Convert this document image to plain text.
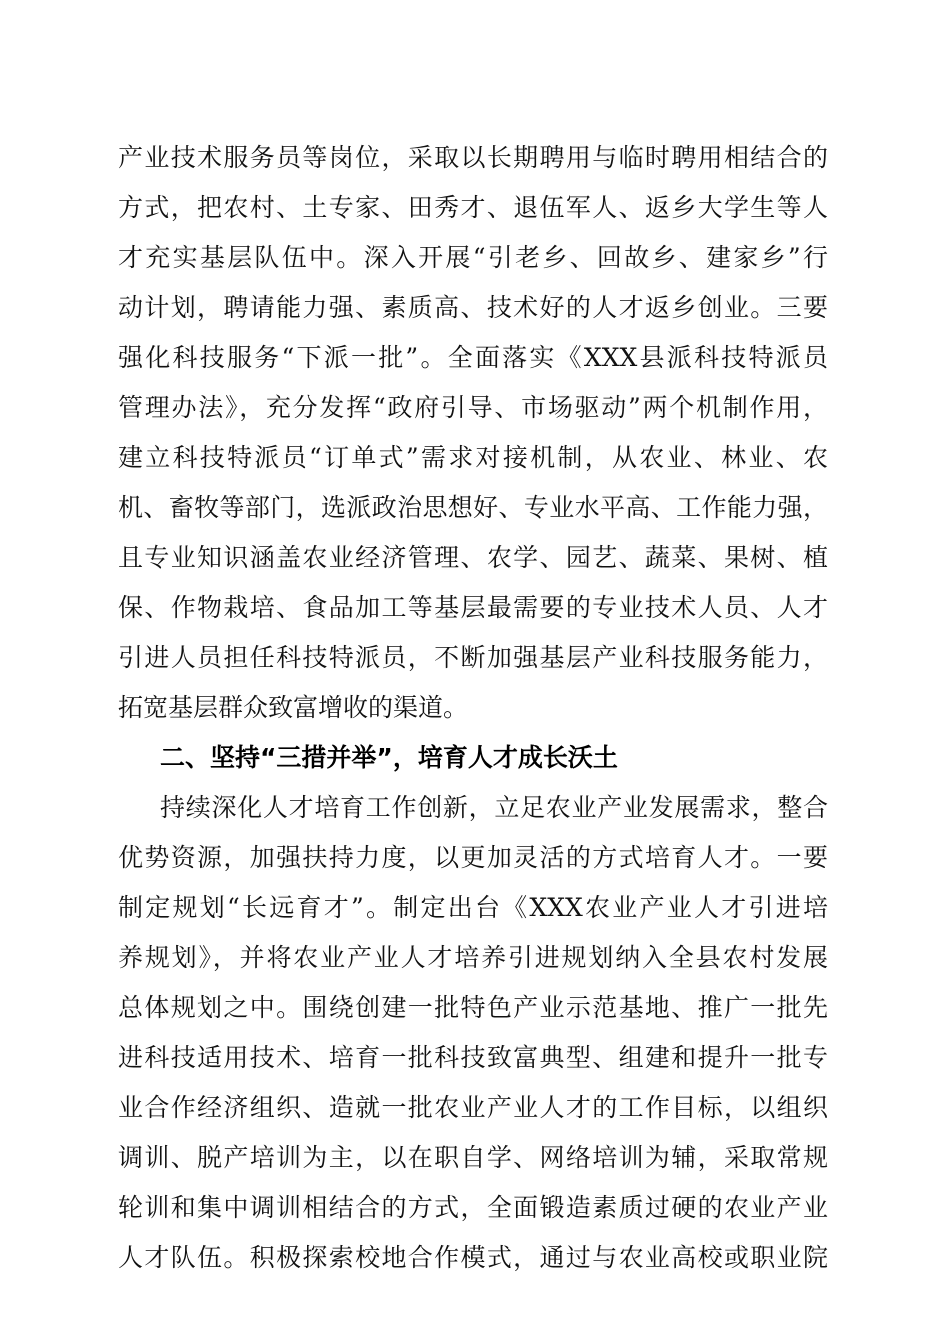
产业技术服务员等岗位，采取以长期聘用与临时聘用相结合的
方式，把农村、土专家、田秀才、退伍军人、返乡大学生等人
才充实基层队伍中。深入开展“引老乡、回故乡、建家乡”行
动计划，聘请能力强、素质高、技术好的人才返乡创业。三要
强化科技服务“下派一批”。全面落实《XXX县派科技特派员
管理办法》，充分发挥“政府引导、市场驱动”两个机制作用，
建立科技特派员“订单式”需求对接机制，从农业、林业、农
机、畜牧等部门，选派政治思想好、专业水平高、工作能力强，
且专业知识涵盖农业经济管理、农学、园艺、蔬菜、果树、植
保、作物栽培、食品加工等基层最需要的专业技术人员、人才
引进人员担任科技特派员，不断加强基层产业科技服务能力，
拓宽基层群众致富增收的渠道。
二、坚持“三措并举”，培育人才成长沃土
持续深化人才培育工作创新，立足农业产业发展需求，整合
优势资源，加强扶持力度，以更加灵活的方式培育人才。一要
制定规划“长远育才”。制定出台《XXX农业产业人才引进培
养规划》，并将农业产业人才培养引进规划纳入全县农村发展
总体规划之中。围绕创建一批特色产业示范基地、推广一批先
进科技适用技术、培育一批科技致富典型、组建和提升一批专
业合作经济组织、造就一批农业产业人才的工作目标，以组织
调训、脱产培训为主，以在职自学、网络培训为辅，采取常规
轮训和集中调训相结合的方式，全面锻造素质过硬的农业产业
人才队伍。积极探索校地合作模式，通过与农业高校或职业院
